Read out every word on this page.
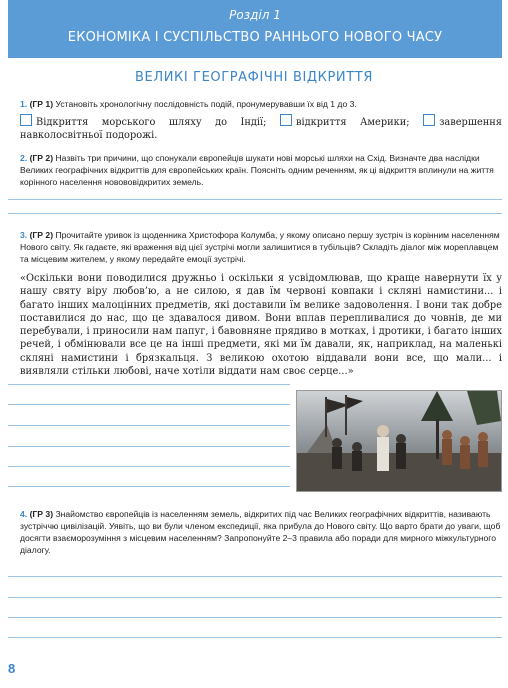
Розділ 1
ЕКОНОМІКА І СУСПІЛЬСТВО РАННЬОГО НОВОГО ЧАСУ
ВЕЛИКІ ГЕОГРАФІЧНІ ВІДКРИТТЯ
1. (ГР 1) Установіть хронологічну послідовність подій, пронумерувавши їх від 1 до 3.
Відкриття морського шляху до Індії;	відкриття Америки;	завершення навколосвітньої подорожі.
2. (ГР 2) Назвіть три причини, що спонукали європейців шукати нові морські шляхи на Схід. Визначте два наслідки Великих географічних відкриттів для європейських країн. Поясніть одним реченням, як ці відкриття вплинули на життя корінного населення новововідкритих земель.
3. (ГР 2) Прочитайте уривок із щоденника Христофора Колумба, у якому описано першу зустріч із корінним населенням Нового світу. Як гадаєте, які враження від цієї зустрічі могли залишитися в тубільців? Складіть діалог між мореплавцем та місцевим жителем, у якому передайте емоції зустрічі.
«Оскільки вони поводилися дружньо і оскільки я усвідомлював, що краще навернути їх у нашу святу віру любов’ю, а не силою, я дав їм червоні ковпаки і скляні намистини... і багато інших малоцінних предметів, які доставили їм велике задоволення. І вони так добре поставилися до нас, що це здавалося дивом. Вони вплав перепливалися до човнів, де ми перебували, і приносили нам папуг, і бавовняне прядиво в мотках, і дротики, і багато інших речей, і обмінювали все це на інші предмети, які ми їм давали, як, наприклад, на маленькі скляні намистини і брязкальця. З великою охотою віддавали вони все, що мали... і виявляли стільки любові, наче хотіли віддати нам своє серце...»
4. (ГР 3) Знайомство європейців із населенням земель, відкритих під час Великих географічних відкриттів, називають зустріччю цивілізацій. Уявіть, що ви були членом експедиції, яка прибула до Нового світу. Що варто брати до уваги, щоб досягти взаєморозуміння з місцевим населенням? Запропонуйте 2–3 правила або поради для мирного міжкультурного діалогу.
8
